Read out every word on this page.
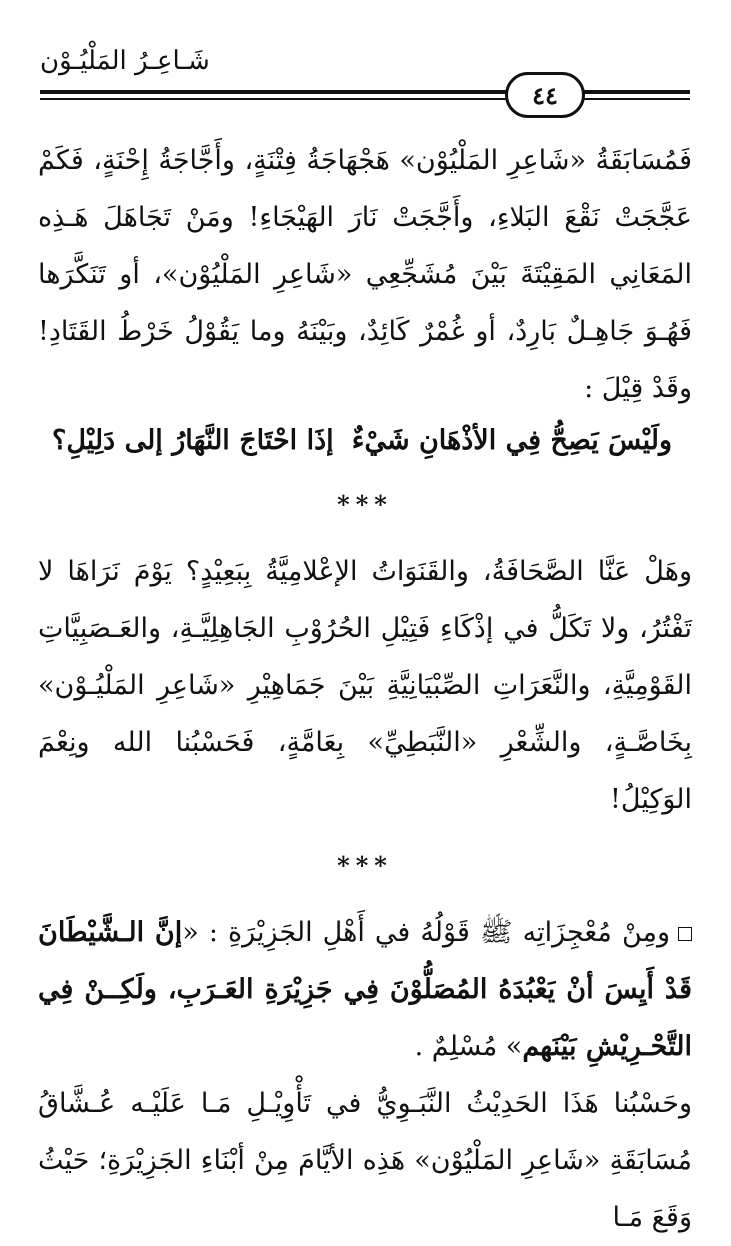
شَـاعِـرُ المَلْيُـوْن
٤٤

فَمُسَابَقَةُ «شَاعِرِ المَلْيُوْن» هَجْهَاجَةُ فِتْنَةٍ، وأَجَّاجَةُ إِحْنَةٍ، فَكَمْ عَجَّجَتْ نَقْعَ البَلاءِ، وأَجَّجَتْ نَارَ الهَيْجَاءِ! ومَنْ تَجَاهَلَ هَـذِه المَعَانِي المَقِيْتَةَ بَيْنَ مُشَجِّعِي «شَاعِرِ المَلْيُوْن»، أو تَنَكَّرَها فَهُـوَ جَاهِـلٌ بَارِدٌ، أو غُمْرٌ كَائِدٌ، وبَيْنَهُ وما يَقُوْلُ خَرْطُ القَتَادِ! وقَدْ قِيْلَ :

ولَيْسَ يَصِحُّ فِي الأذْهَانِ شَيْءٌ
إذَا احْتَاجَ النَّهَارُ إلى دَلِيْلِ؟
***

وهَلْ عَنَّا الصَّحَافَةُ، والقَنَوَاتُ الإعْلامِيَّةُ بِبَعِيْدٍ؟ يَوْمَ نَرَاهَا لا تَفْتُرُ، ولا تَكَلُّ في إذْكَاءِ فَتِيْلِ الحُرُوْبِ الجَاهِلِيَّـةِ، والعَـصَبِيَّاتِ القَوْمِيَّةِ، والنَّعَرَاتِ الصِّبْيَانِيَّةِ بَيْنَ جَمَاهِيْرِ «شَاعِرِ المَلْيُـوْن» بِخَاصَّـةٍ، والشِّعْرِ «النَّبَطِيِّ» بِعَامَّةٍ، فَحَسْبُنا الله ونِعْمَ الوَكِيْلُ!

***

ومِنْ مُعْجِزَاتِه ﷺ قَوْلُهُ في أَهْلِ الجَزِيْرَةِ : «إنَّ الـشَّيْطَانَ قَدْ أَيِسَ أنْ يَعْبُدَهُ المُصَلُّوْنَ فِي جَزِيْرَةِ العَـرَبِ، ولَكِــنْ فِي التَّحْـرِيْشِ بَيْنَهم» مُسْلِمٌ .

وحَسْبُنا هَذَا الحَدِيْثُ النَّبَـوِيُّ في تَأْوِيْـلِ مَـا عَلَيْـه عُـشَّاقُ مُسَابَقَةِ «شَاعِرِ المَلْيُوْن» هَذِه الأيَّامَ مِنْ أبْنَاءِ الجَزِيْرَةِ؛ حَيْثُ وَقَعَ مَـا
